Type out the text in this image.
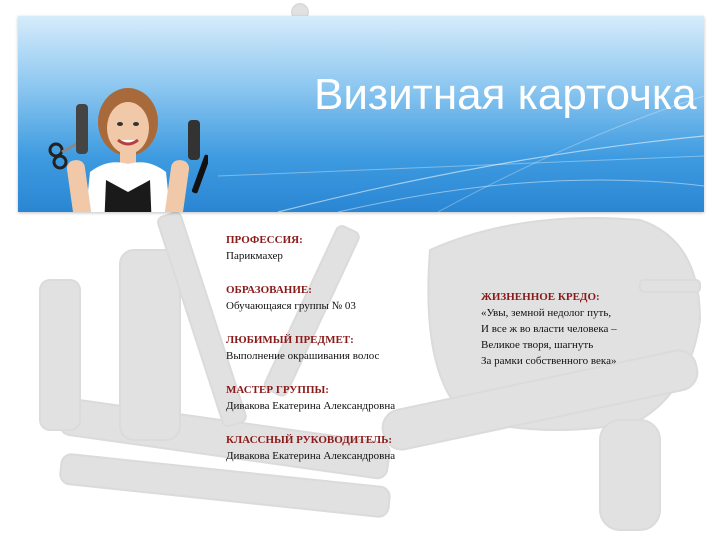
Визитная карточка
ПРОФЕССИЯ:
Парикмахер
ОБРАЗОВАНИЕ:
Обучающаяся группы № 03
ЛЮБИМЫЙ ПРЕДМЕТ:
Выполнение окрашивания волос
МАСТЕР ГРУППЫ:
Дивакова Екатерина Александровна
КЛАССНЫЙ РУКОВОДИТЕЛЬ:
Дивакова Екатерина Александровна
ЖИЗНЕННОЕ КРЕДО:
«Увы, земной недолог путь,
И все ж во власти человека –
Великое творя, шагнуть
За рамки собственного века»
